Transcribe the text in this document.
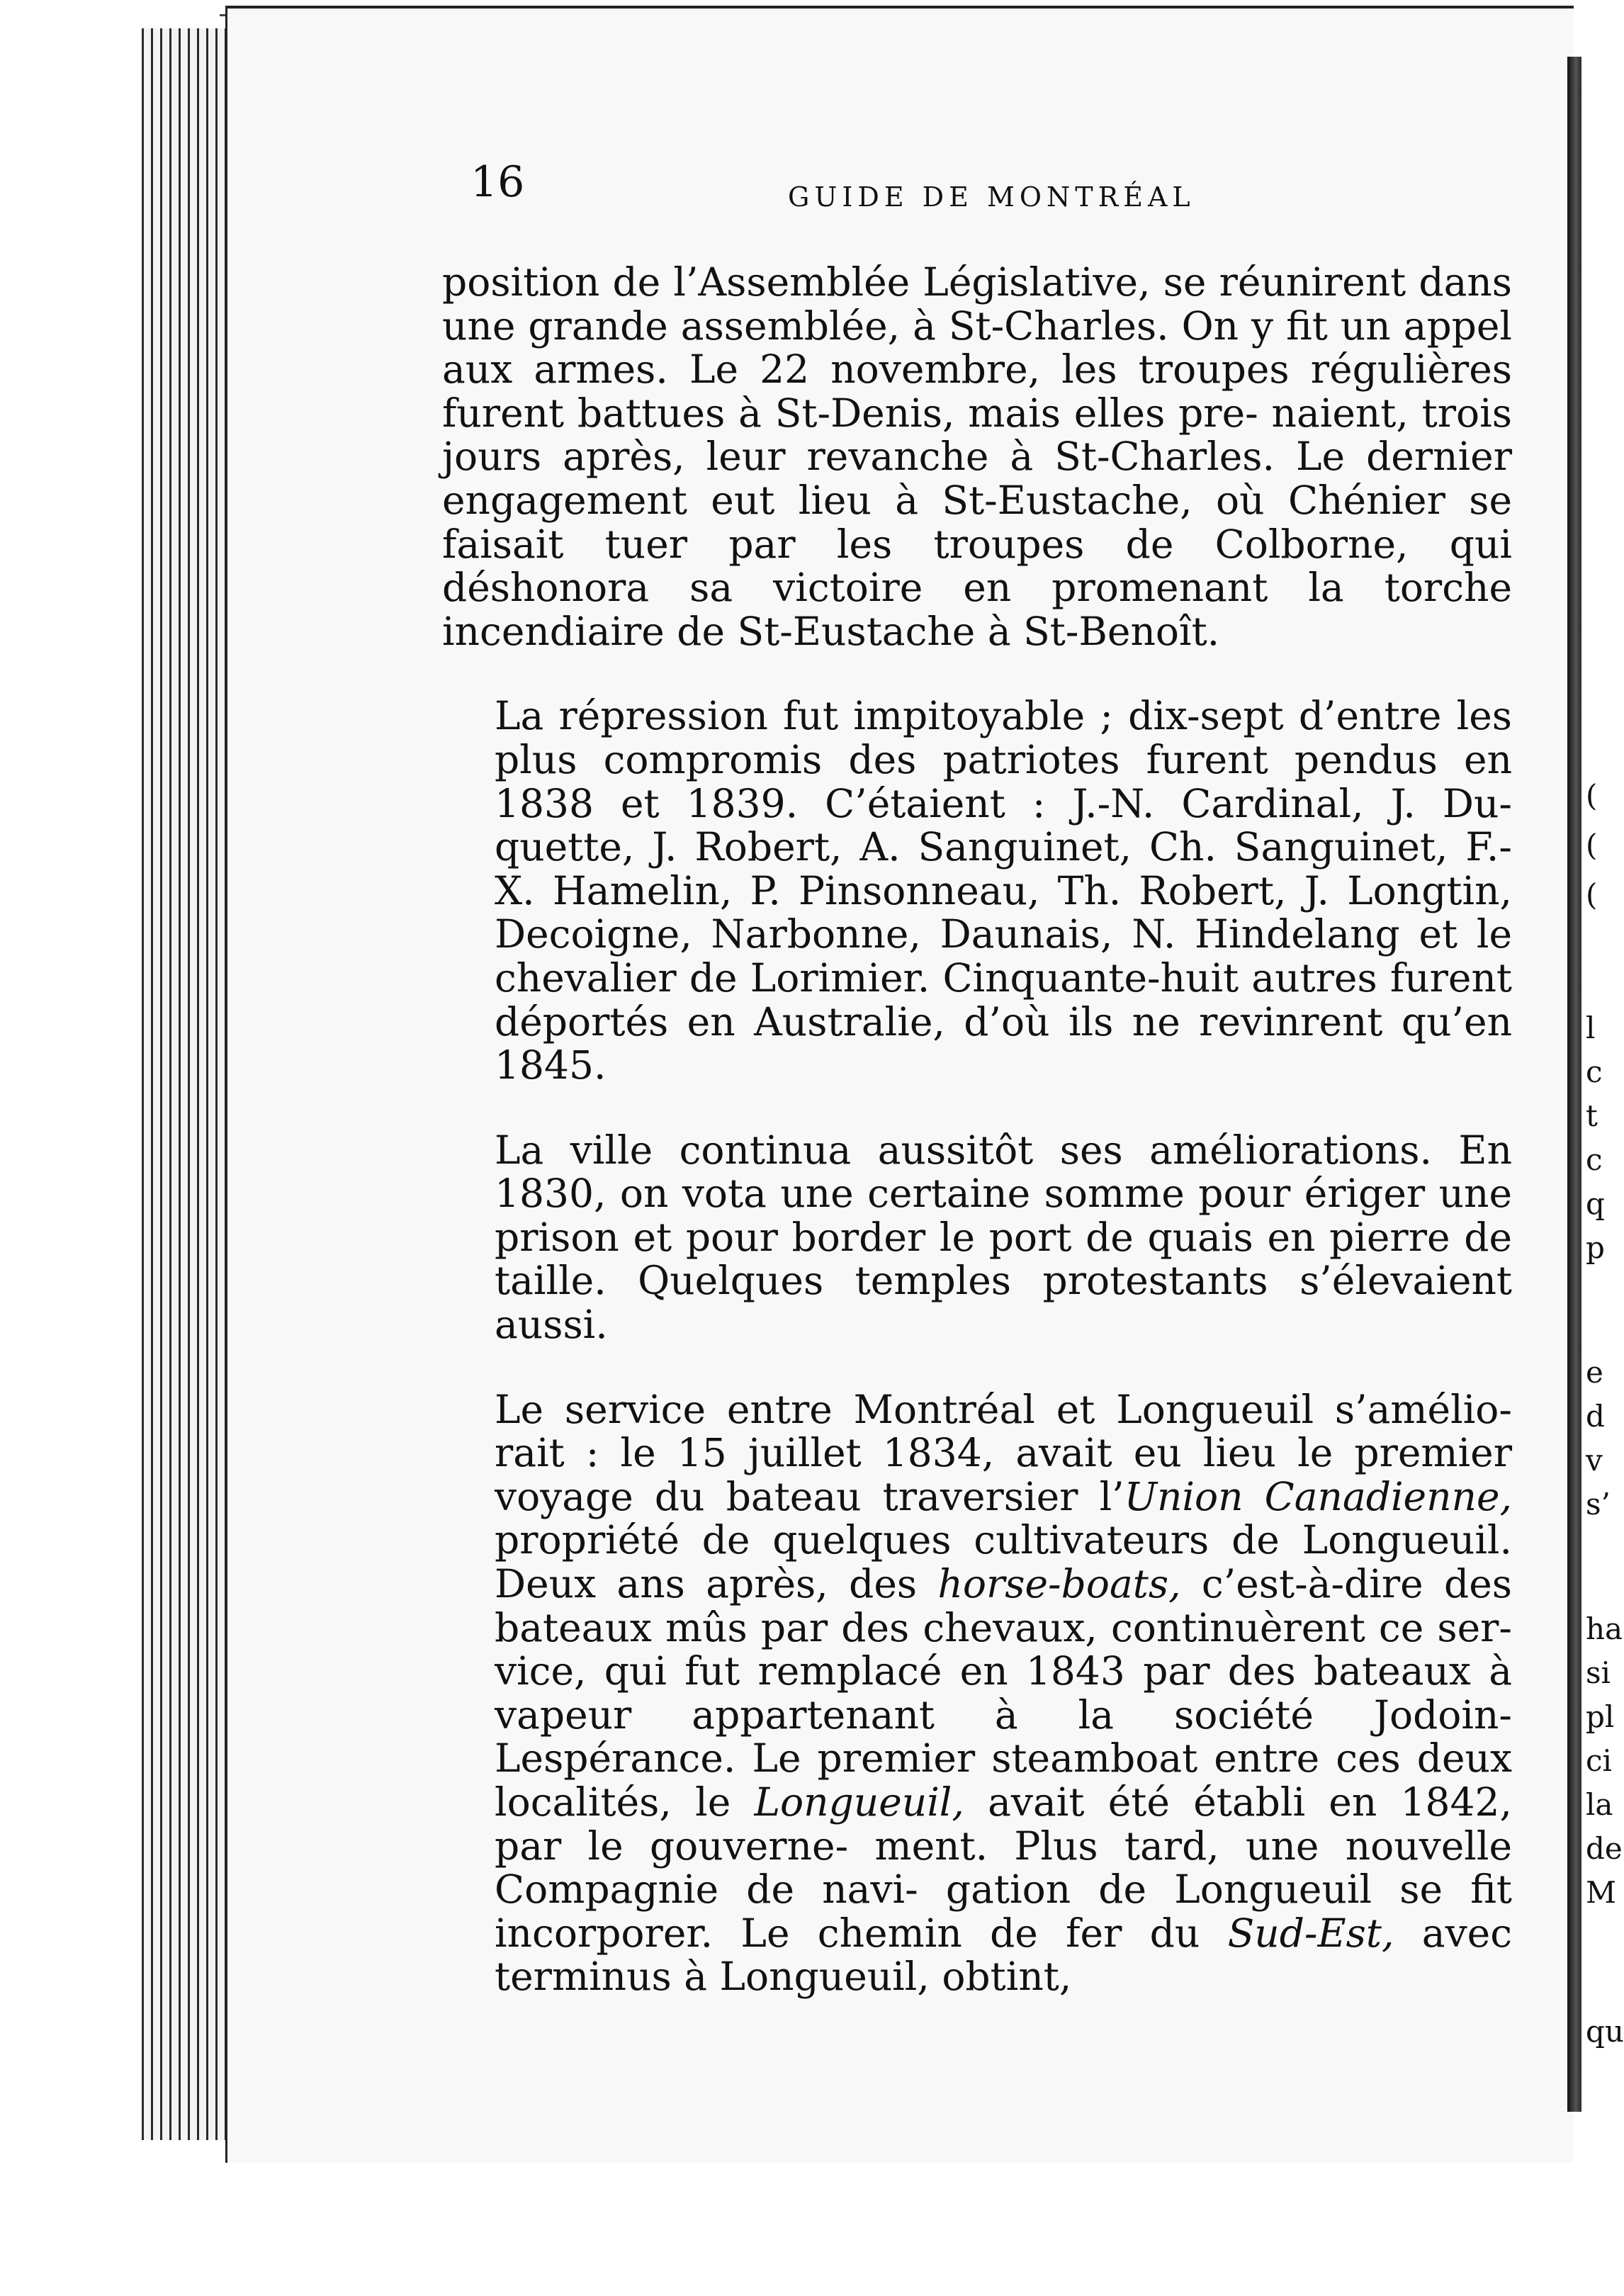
16	GUIDE DE MONTRÉAL

position de l’Assemblée Législative, se réunirent dans une grande assemblée, à St-Charles. On y fit un appel aux armes. Le 22 novembre, les troupes régulières furent battues à St-Denis, mais elles pre- naient, trois jours après, leur revanche à St-Charles. Le dernier engagement eut lieu à St-Eustache, où Chénier se faisait tuer par les troupes de Colborne, qui déshonora sa victoire en promenant la torche incendiaire de St-Eustache à St-Benoît.

La répression fut impitoyable ; dix-sept d’entre les plus compromis des patriotes furent pendus en 1838 et 1839. C’étaient : J.-N. Cardinal, J. Du- quette, J. Robert, A. Sanguinet, Ch. Sanguinet, F.-X. Hamelin, P. Pinsonneau, Th. Robert, J. Longtin, Decoigne, Narbonne, Daunais, N. Hindelang et le chevalier de Lorimier. Cinquante-huit autres furent déportés en Australie, d’où ils ne revinrent qu’en 1845.

La ville continua aussitôt ses améliorations. En 1830, on vota une certaine somme pour ériger une prison et pour border le port de quais en pierre de taille. Quelques temples protestants s’élevaient aussi.

Le service entre Montréal et Longueuil s’amélio- rait : le 15 juillet 1834, avait eu lieu le premier voyage du bateau traversier l’Union Canadienne, propriété de quelques cultivateurs de Longueuil. Deux ans après, des horse-boats, c’est-à-dire des bateaux mûs par des chevaux, continuèrent ce ser- vice, qui fut remplacé en 1843 par des bateaux à vapeur appartenant à la société Jodoin-Lespérance. Le premier steamboat entre ces deux localités, le Longueuil, avait été établi en 1842, par le gouverne- ment. Plus tard, une nouvelle Compagnie de navi- gation de Longueuil se fit incorporer. Le chemin de fer du Sud-Est, avec terminus à Longueuil, obtint,

(
(
(
l
c
t
c
q
p
e
d
v
s’
ha
si
pl
ci
la
de
M
qu
